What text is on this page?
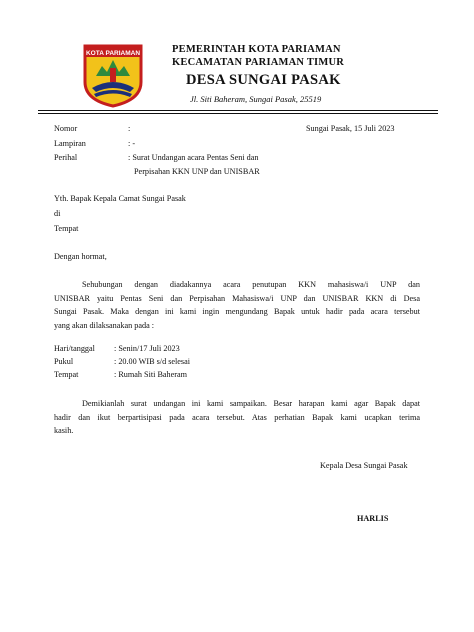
KOTA PARIAMAN	PEMERINTAH KOTA PARIAMAN
KECAMATAN PARIAMAN TIMUR
DESA SUNGAI PASAK
Jl. Siti Baheram, Sungai Pasak, 25519
Nomor	:	Sungai Pasak, 15 Juli 2023
Lampiran	: -
Perihal	: Surat Undangan acara Pentas Seni dan
Perpisahan KKN UNP dan UNISBAR
Yth. Bapak Kepala Camat Sungai Pasak
di
Tempat
Dengan hormat,
Sehubungan dengan diadakannya acara penutupan KKN mahasiswa/i UNP dan
UNISBAR yaitu Pentas Seni dan Perpisahan Mahasiswa/i UNP dan UNISBAR KKN di Desa
Sungai Pasak. Maka dengan ini kami ingin mengundang Bapak untuk hadir pada acara tersebut
yang akan dilaksanakan pada :
Hari/tanggal : Senin/17 Juli 2023
Pukul	: 20.00 WIB s/d selesai
Tempat	: Rumah Siti Baheram
Demikianlah surat undangan ini kami sampaikan. Besar harapan kami agar Bapak dapat
hadir dan ikut berpartisipasi pada acara tersebut. Atas perhatian Bapak kami ucapkan terima
kasih.
Kepala Desa Sungai Pasak
HARLIS
